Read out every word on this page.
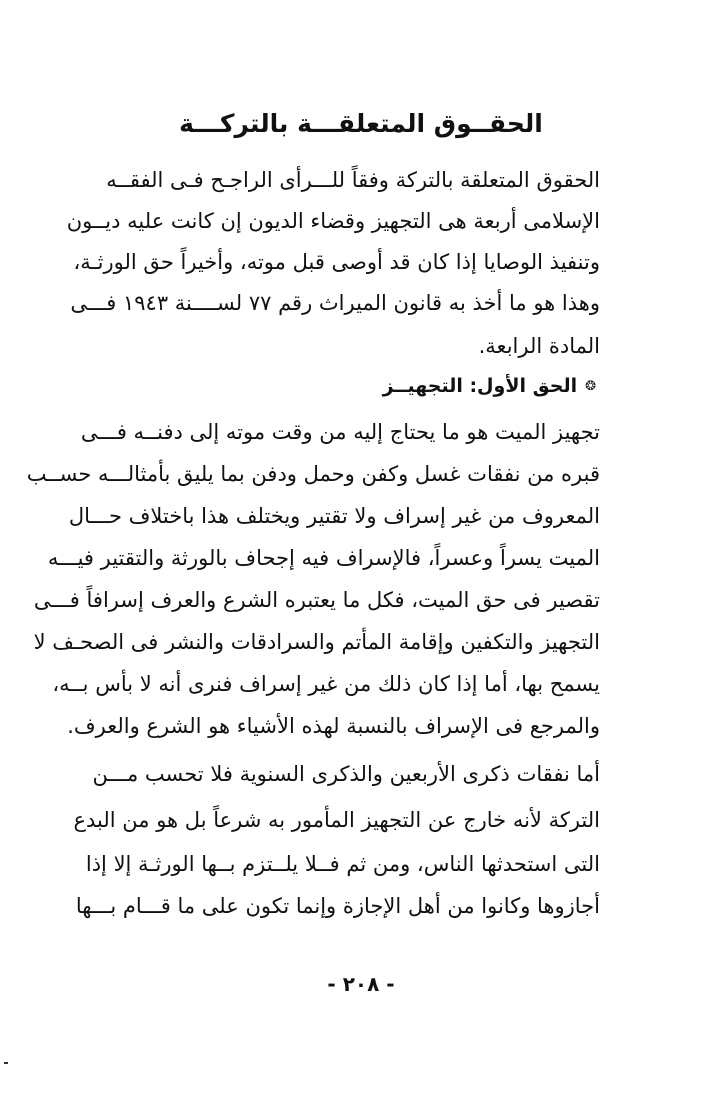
الحقــوق المتعلقـــة بالتركـــة

الحقوق المتعلقة بالتركة وفقاً للـــرأى الراجـح فـى الفقــه

الإسلامى أربعة هى التجهيز وقضاء الديون إن كانت عليه ديــون

وتنفيذ الوصايا إذا كان قد أوصى قبل موته، وأخيراً حق الورثـة،

وهذا هو ما أخذ به قانون الميراث رقم ٧٧ لســــنة ١٩٤٣ فـــى

المادة الرابعة.

❂الحق الأول: التجهيــز

تجهيز الميت هو ما يحتاج إليه من وقت موته إلى دفنــه فـــى

قبره من نفقات غسل وكفن وحمل ودفن بما يليق بأمثالـــه حســب

المعروف من غير إسراف ولا تقتير ويختلف هذا باختلاف حـــال

الميت يسراً وعسراً، فالإسراف فيه إجحاف بالورثة والتقتير فيـــه

تقصير فى حق الميت، فكل ما يعتبره الشرع والعرف إسرافاً فـــى

التجهيز والتكفين وإقامة المأتم والسرادقات والنشر فى الصحـف لا

يسمح بها، أما إذا كان ذلك من غير إسراف فنرى أنه لا بأس بــه،

والمرجع فى الإسراف بالنسبة لهذه الأشياء هو الشرع والعرف.

أما نفقات ذكرى الأربعين والذكرى السنوية فلا تحسب مـــن

التركة لأنه خارج عن التجهيز المأمور به شرعاً بل هو من البدع

التى استحدثها الناس، ومن ثم فــلا يلــتزم بــها الورثـة إلا إذا

أجازوها وكانوا من أهل الإجازة وإنما تكون على ما قـــام بـــها

- ٢٠٨ -
